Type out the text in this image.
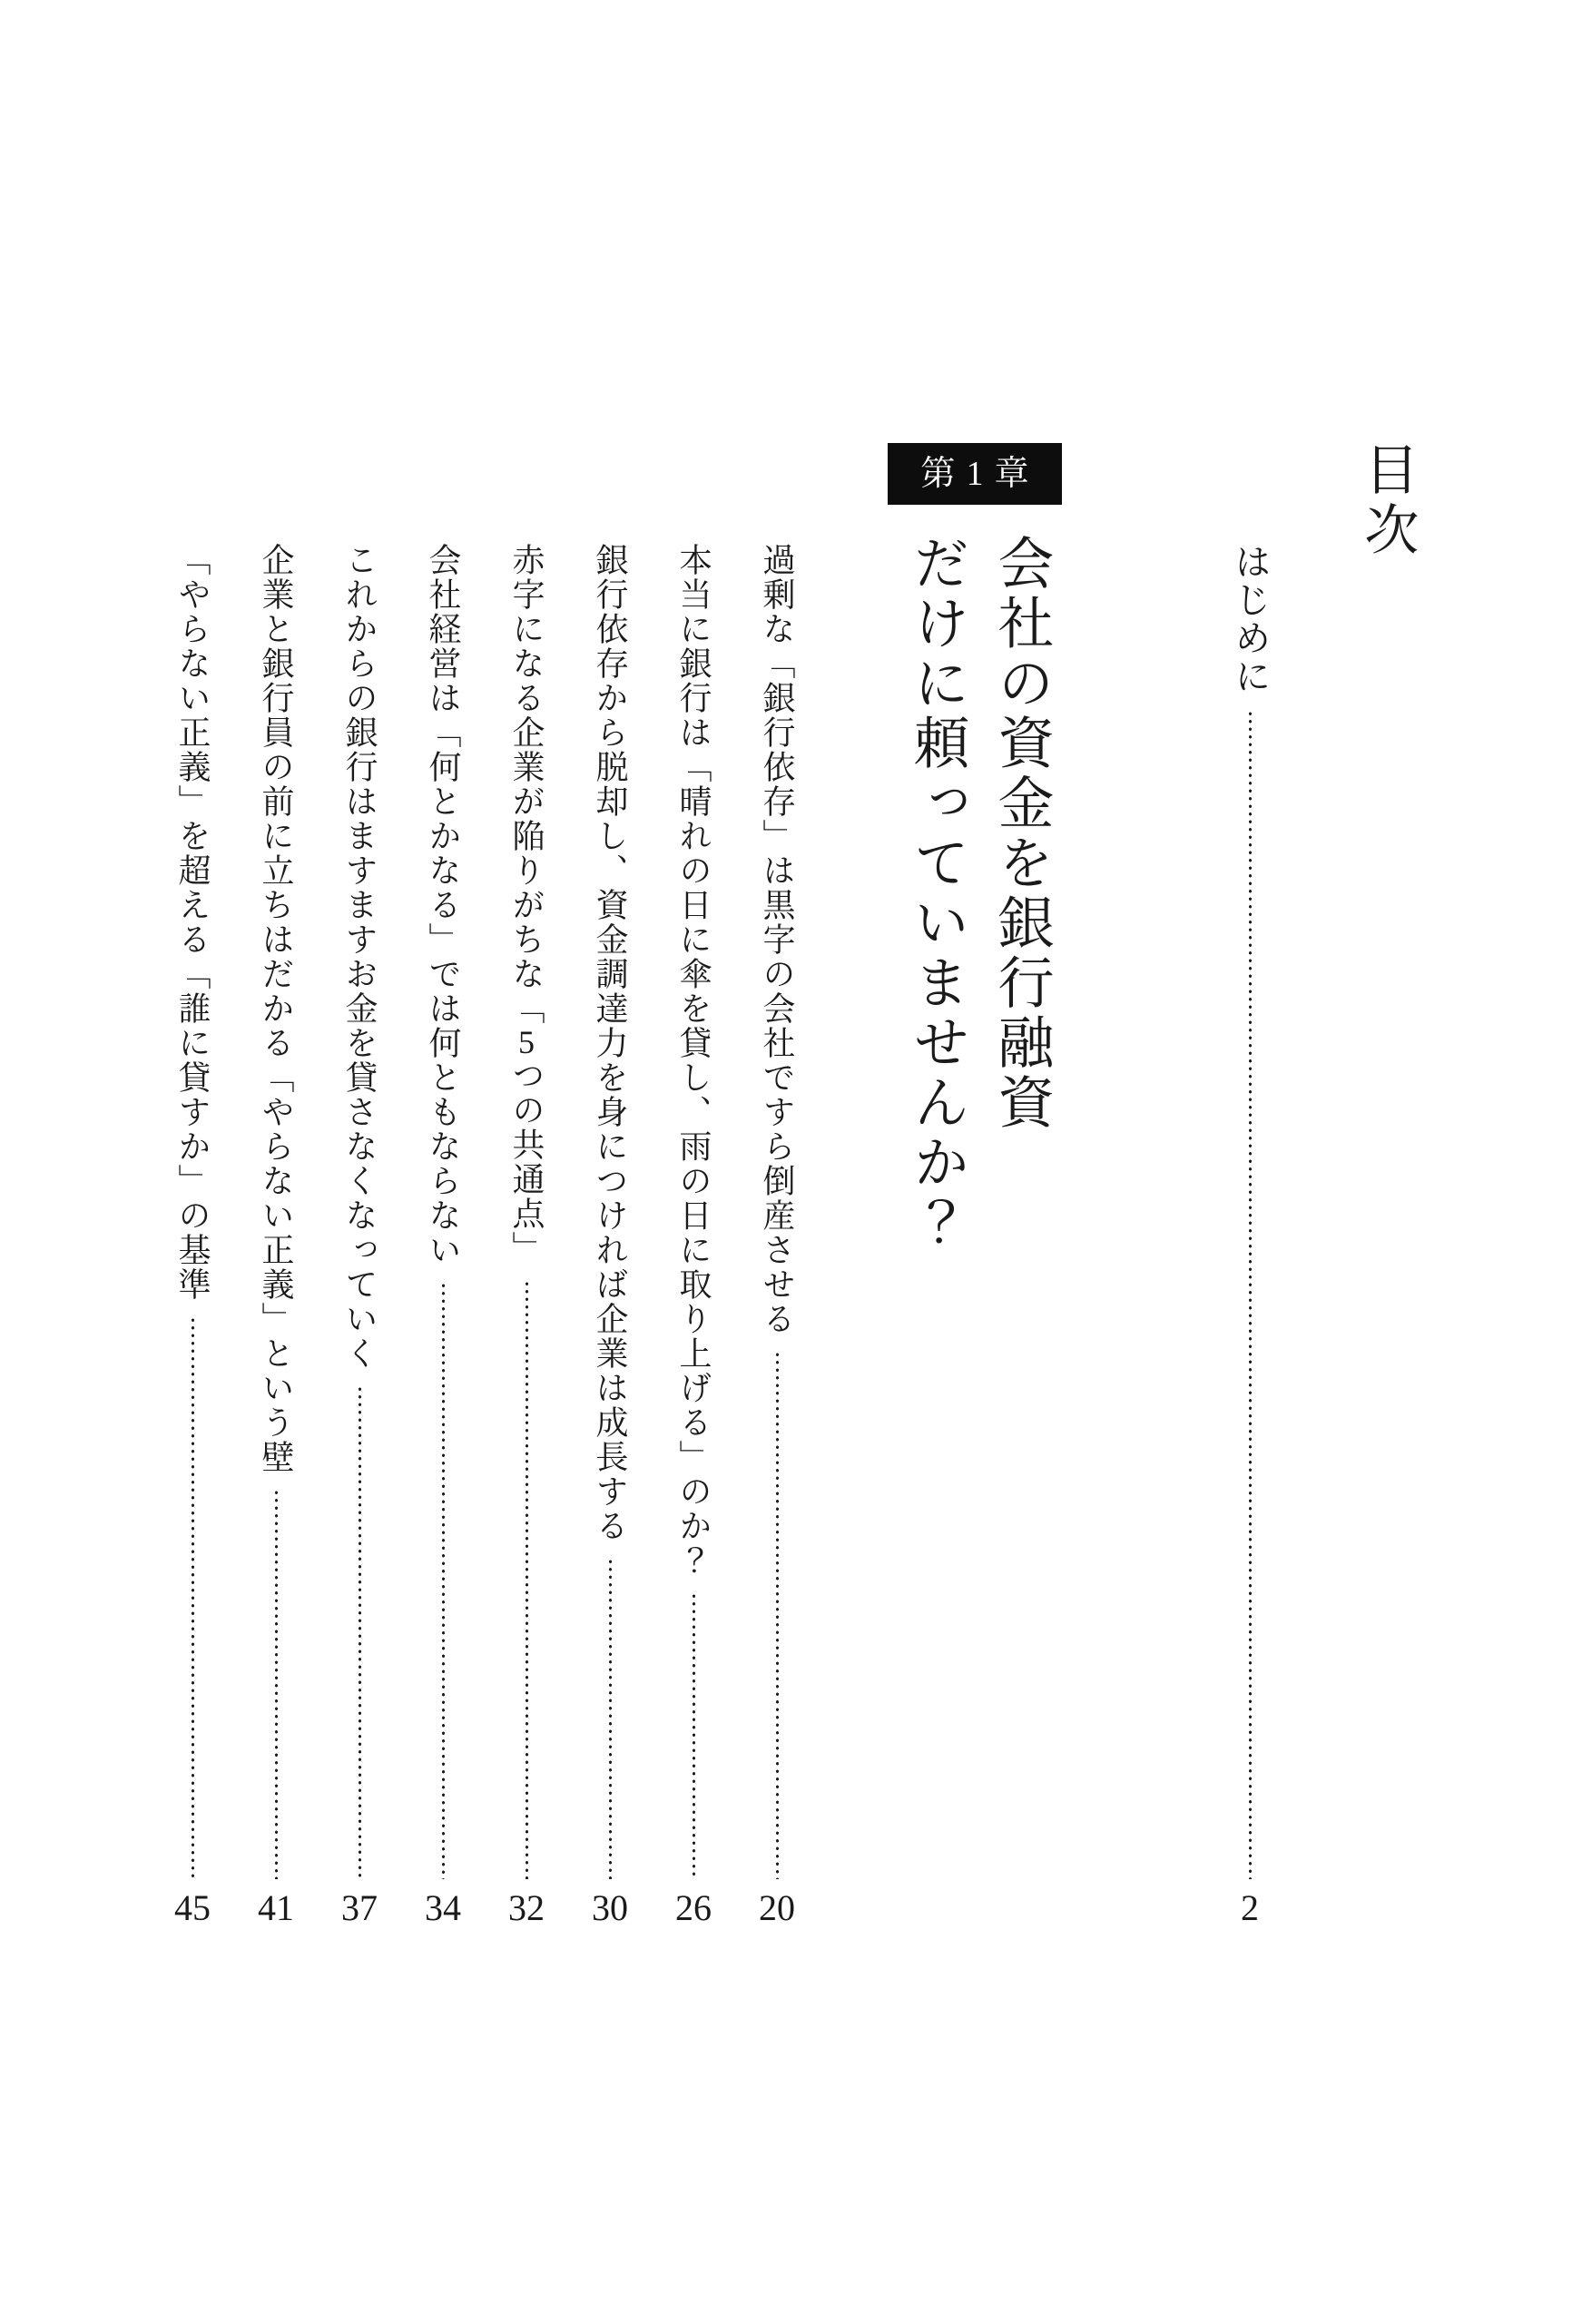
目次
はじめに
2
第1章
会社の資金を銀行融資
だけに頼っていませんか？
過剰な「銀行依存」は黒字の会社ですら倒産させる
20
本当に銀行は「晴れの日に傘を貸し、雨の日に取り上げる」のか？
26
銀行依存から脱却し、資金調達力を身につければ企業は成長する
30
赤字になる企業が陥りがちな「5つの共通点」
32
会社経営は「何とかなる」では何ともならない
34
これからの銀行はますますお金を貸さなくなっていく
37
企業と銀行員の前に立ちはだかる「やらない正義」という壁
41
「やらない正義」を超える「誰に貸すか」の基準
45
